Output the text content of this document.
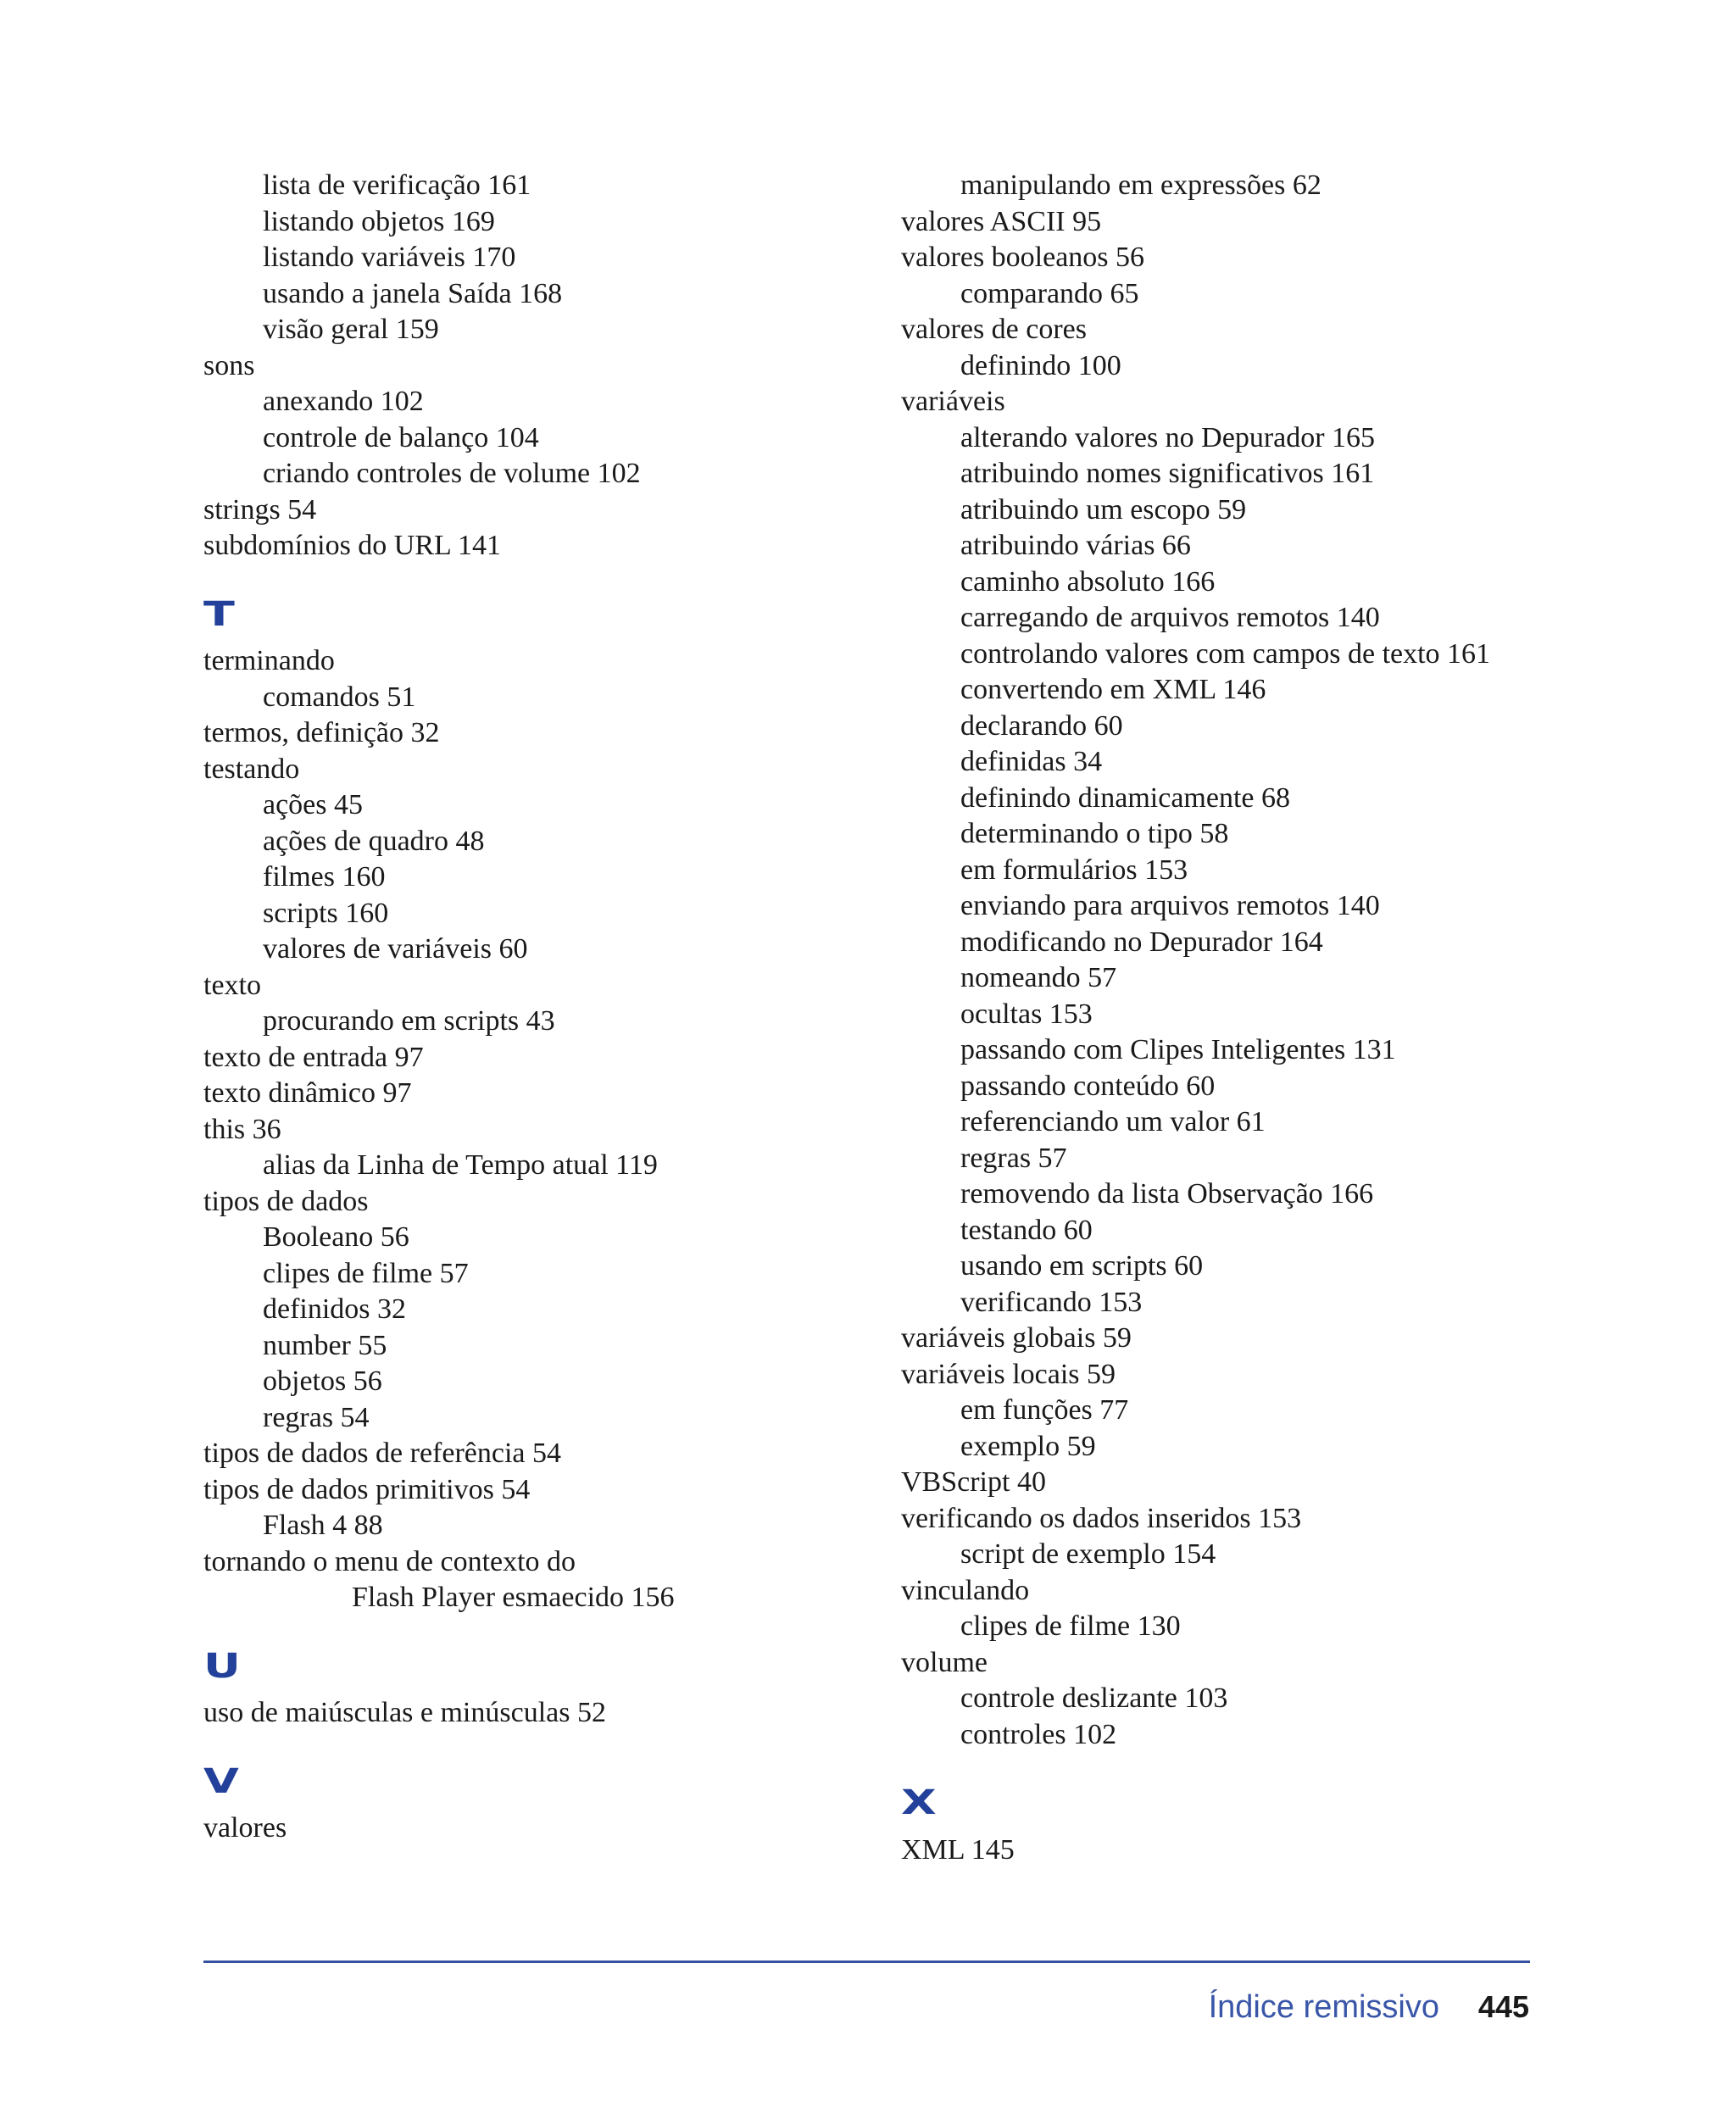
lista de verificação 161
listando objetos 169
listando variáveis 170
usando a janela Saída 168
visão geral 159
sons
anexando 102
controle de balanço 104
criando controles de volume 102
strings 54
subdomínios do URL 141
T
terminando
comandos 51
termos, definição 32
testando
ações 45
ações de quadro 48
filmes 160
scripts 160
valores de variáveis 60
texto
procurando em scripts 43
texto de entrada 97
texto dinâmico 97
this 36
alias da Linha de Tempo atual 119
tipos de dados
Booleano 56
clipes de filme 57
definidos 32
number 55
objetos 56
regras 54
tipos de dados de referência 54
tipos de dados primitivos 54
Flash 4 88
tornando o menu de contexto do
Flash Player esmaecido 156
U
uso de maiúsculas e minúsculas 52
V
valores
manipulando em expressões 62
valores ASCII 95
valores booleanos 56
comparando 65
valores de cores
definindo 100
variáveis
alterando valores no Depurador 165
atribuindo nomes significativos 161
atribuindo um escopo 59
atribuindo várias 66
caminho absoluto 166
carregando de arquivos remotos 140
controlando valores com campos de texto 161
convertendo em XML 146
declarando 60
definidas 34
definindo dinamicamente 68
determinando o tipo 58
em formulários 153
enviando para arquivos remotos 140
modificando no Depurador 164
nomeando 57
ocultas 153
passando com Clipes Inteligentes 131
passando conteúdo 60
referenciando um valor 61
regras 57
removendo da lista Observação 166
testando 60
usando em scripts 60
verificando 153
variáveis globais 59
variáveis locais 59
em funções 77
exemplo 59
VBScript 40
verificando os dados inseridos 153
script de exemplo 154
vinculando
clipes de filme 130
volume
controle deslizante 103
controles 102
X
XML 145
Índice remissivo 445
